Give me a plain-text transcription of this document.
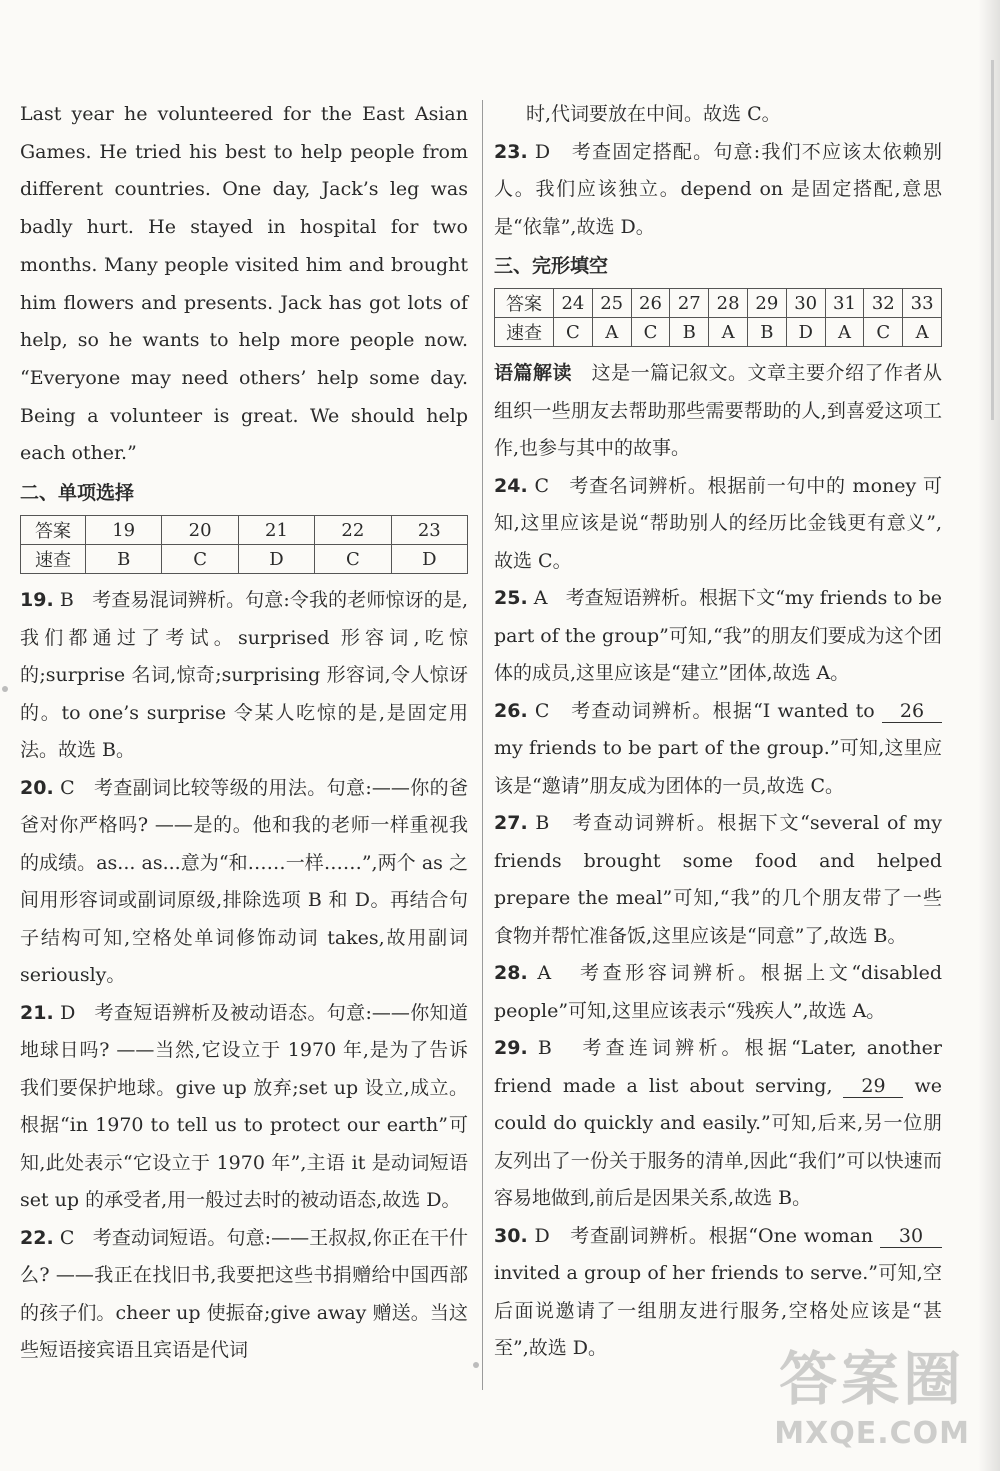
Last year he volunteered for the East Asian Games. He tried his best to help people from different countries. One day, Jack’s leg was badly hurt. He stayed in hospital for two months. Many people visited him and brought him flowers and presents. Jack has got lots of help, so he wants to help more people now. “Everyone may need others’ help some day. Being a volunteer is great. We should help each other.”

二、单项选择
答案	19	20	21	22	23
速查	B	C	D	C	D

19. B 考查易混词辨析。句意:令我的老师惊讶的是,我们都通过了考试。surprised 形容词,吃惊的;surprise 名词,惊奇;surprising 形容词,令人惊讶的。to one’s surprise 令某人吃惊的是,是固定用法。故选 B。

20. C 考查副词比较等级的用法。句意:——你的爸爸对你严格吗? ——是的。他和我的老师一样重视我的成绩。as... as...意为“和……一样……”,两个 as 之间用形容词或副词原级,排除选项 B 和 D。再结合句子结构可知,空格处单词修饰动词 takes,故用副词 seriously。

21. D 考查短语辨析及被动语态。句意:——你知道地球日吗? ——当然,它设立于 1970 年,是为了告诉我们要保护地球。give up 放弃;set up 设立,成立。根据“in 1970 to tell us to protect our earth”可知,此处表示“它设立于 1970 年”,主语 it 是动词短语 set up 的承受者,用一般过去时的被动语态,故选 D。

22. C 考查动词短语。句意:——王叔叔,你正在干什么? ——我正在找旧书,我要把这些书捐赠给中国西部的孩子们。cheer up 使振奋;give away 赠送。当这些短语接宾语且宾语是代词

时,代词要放在中间。故选 C。

23. D 考查固定搭配。句意:我们不应该太依赖别人。我们应该独立。depend on 是固定搭配,意思是“依靠”,故选 D。

三、完形填空
答案	24	25	26	27	28	29	30	31	32	33
速查	C	A	C	B	A	B	D	A	C	A

语篇解读 这是一篇记叙文。文章主要介绍了作者从组织一些朋友去帮助那些需要帮助的人,到喜爱这项工作,也参与其中的故事。

24. C 考查名词辨析。根据前一句中的 money 可知,这里应该是说“帮助别人的经历比金钱更有意义”,故选 C。

25. A 考查短语辨析。根据下文“my friends to be part of the group”可知,“我”的朋友们要成为这个团体的成员,这里应该是“建立”团体,故选 A。

26. C 考查动词辨析。根据“I wanted to 26 my friends to be part of the group.”可知,这里应该是“邀请”朋友成为团体的一员,故选 C。

27. B 考查动词辨析。根据下文“several of my friends brought some food and helped prepare the meal”可知,“我”的几个朋友带了一些食物并帮忙准备饭,这里应该是“同意”了,故选 B。

28. A 考查形容词辨析。根据上文“disabled people”可知,这里应该表示“残疾人”,故选 A。

29. B 考查连词辨析。根据“Later, another friend made a list about serving, 29 we could do quickly and easily.”可知,后来,另一位朋友列出了一份关于服务的清单,因此“我们”可以快速而容易地做到,前后是因果关系,故选 B。

30. D 考查副词辨析。根据“One woman 30 invited a group of her friends to serve.”可知,空后面说邀请了一组朋友进行服务,空格处应该是“甚至”,故选 D。	答案圈
MXQE.COM
